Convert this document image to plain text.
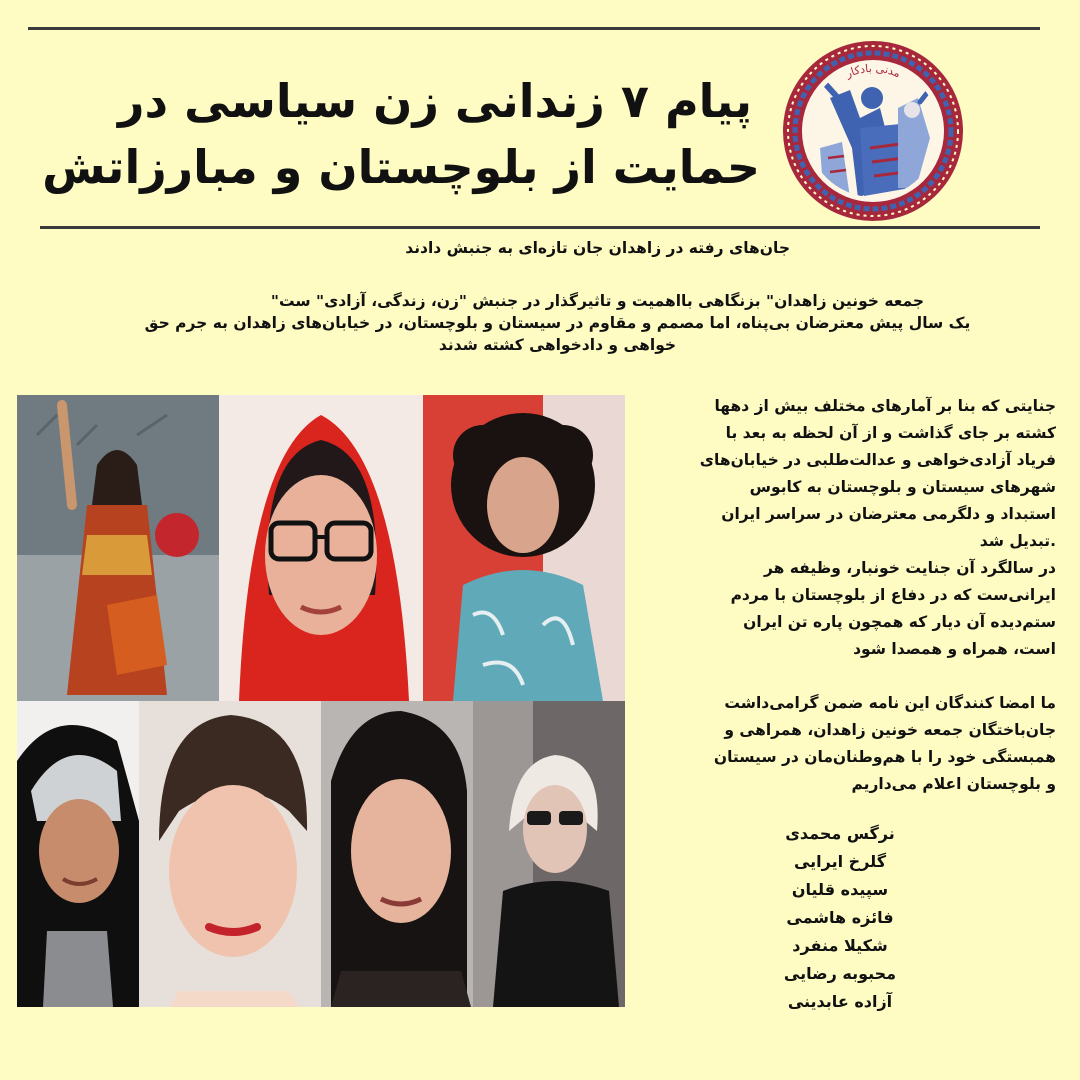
پیام ۷ زندانی زن سیاسی در
حمایت از بلوچستان و مبارزاتش
مدنی بادکار
جان‌های رفته در زاهدان جان تازه‌ای به جنبش دادند

جمعه خونین زاهدان" بزنگاهی بااهمیت و تاثیرگذار در جنبش "زن، زندگی، آزادی" ست"

یک سال پیش معترضان بی‌پناه، اما مصمم و مقاوم در سیستان و بلوچستان، در خیابان‌های زاهدان به جرم حق

خواهی و دادخواهی کشته شدند

جنایتی که بنا بر آمارهای مختلف بیش از دهها

کشته بر جای گذاشت و از آن لحظه به بعد با

فریاد آزادی‌خواهی و عدالت‌طلبی در خیابان‌های

شهرهای سیستان و بلوچستان به کابوس

استبداد و دلگرمی معترضان در سراسر ایران

.تبدیل شد

در سالگرد آن جنایت خونبار، وظیفه هر

ایرانی‌ست که در دفاع از بلوچستان با مردم

ستم‌دیده آن دیار که همچون پاره تن ایران

است، همراه و همصدا شود

ما امضا کنندگان این نامه ضمن گرامی‌داشت

جان‌باختگان جمعه خونین زاهدان، همراهی و

همبستگی خود را با هم‌وطنان‌مان در سیستان

و بلوچستان اعلام می‌داریم

نرگس محمدی
گلرخ ایرایی
سپیده قلیان
فائزه هاشمی
شکیلا منفرد
محبوبه رضایی
آزاده عابدینی
